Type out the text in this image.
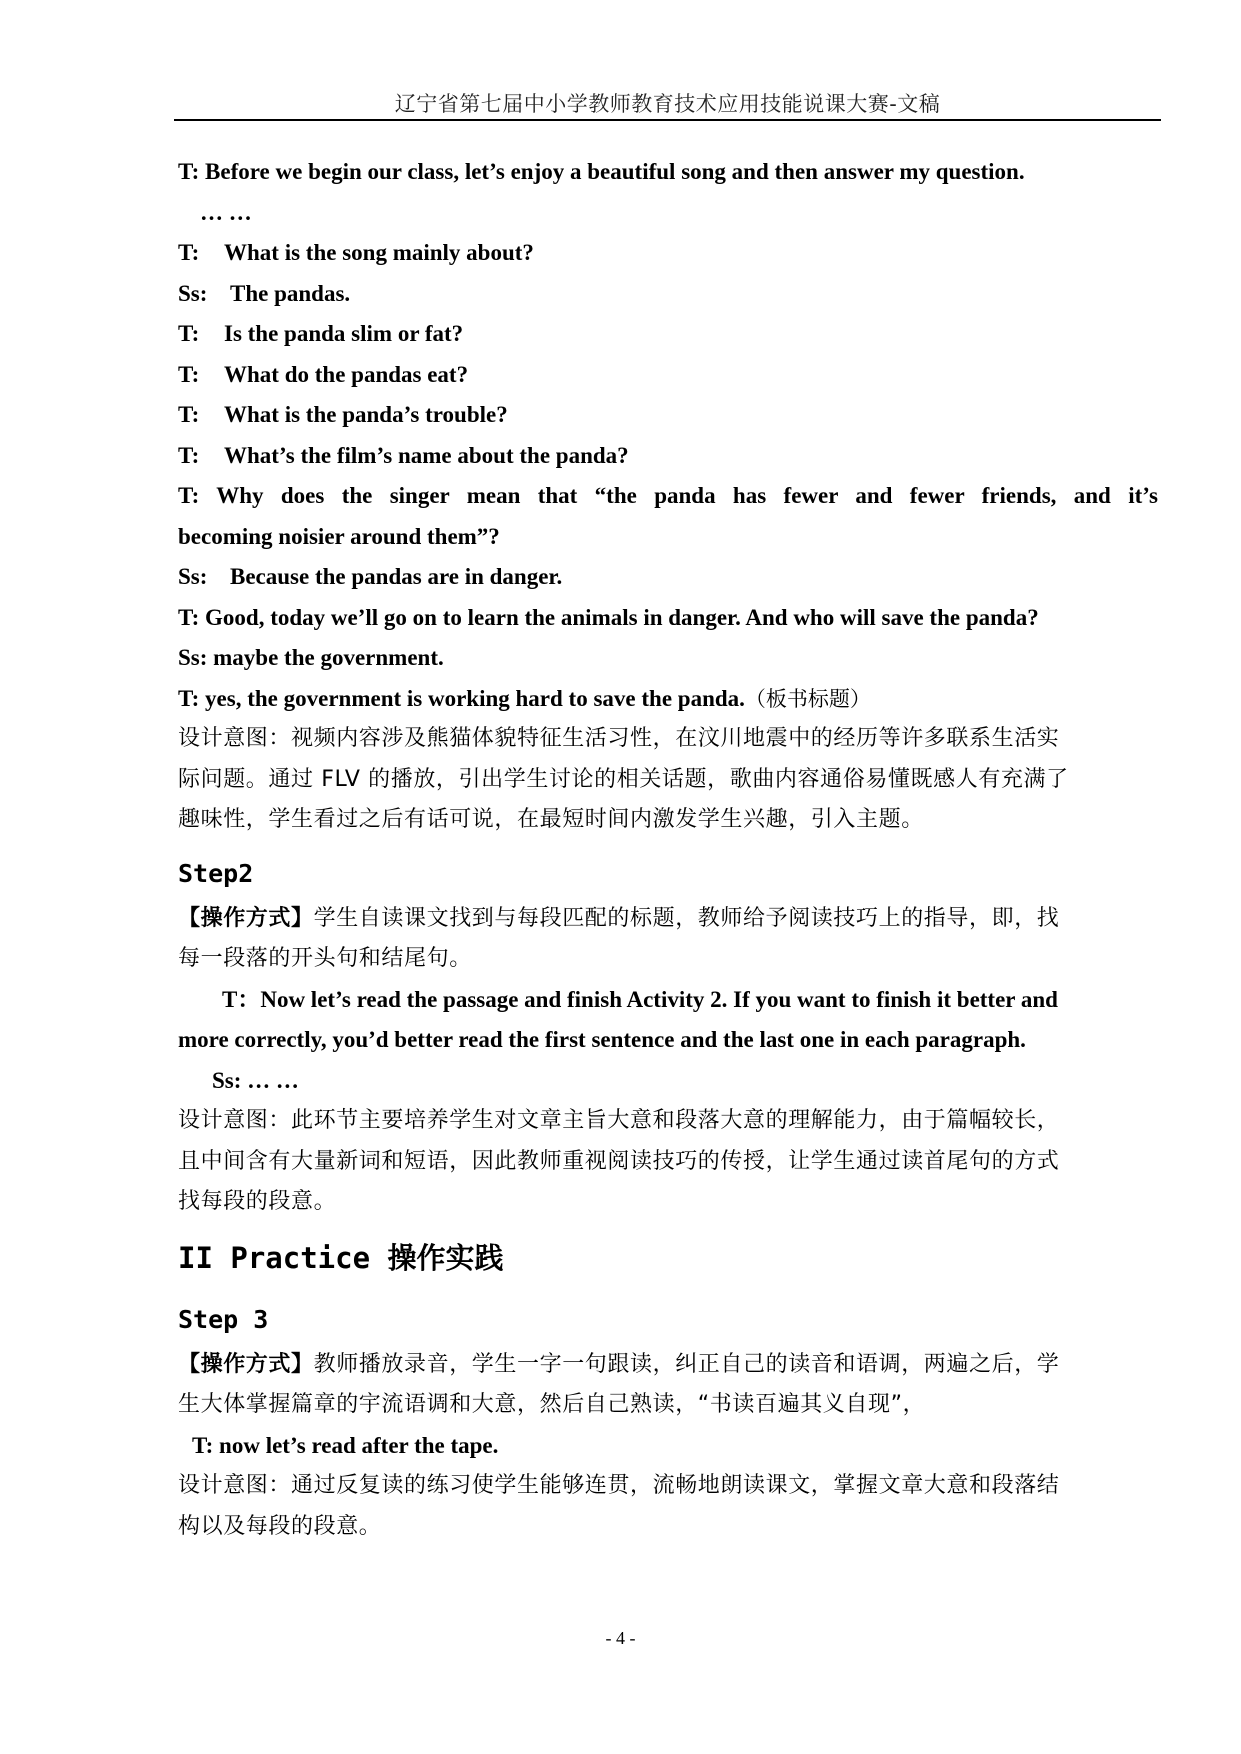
辽宁省第七届中小学教师教育技术应用技能说课大赛-文稿
T: Before we begin our class, let’s enjoy a beautiful song and then answer my question.
… …
T: What is the song mainly about?
Ss: The pandas.
T: Is the panda slim or fat?
T: What do the pandas eat?
T: What is the panda’s trouble?
T: What’s the film’s name about the panda?
T: Why does the singer mean that “the panda has fewer and fewer friends, and it’s
becoming noisier around them”?
Ss: Because the pandas are in danger.
T: Good, today we’ll go on to learn the animals in danger. And who will save the panda?
Ss: maybe the government.
T: yes, the government is working hard to save the panda.（板书标题）
设计意图：视频内容涉及熊猫体貌特征生活习性，在汶川地震中的经历等许多联系生活实
际问题。通过 FLV 的播放，引出学生讨论的相关话题，歌曲内容通俗易懂既感人有充满了
趣味性，学生看过之后有话可说，在最短时间内激发学生兴趣，引入主题。
Step2
【操作方式】学生自读课文找到与每段匹配的标题，教师给予阅读技巧上的指导，即，找
每一段落的开头句和结尾句。
T：Now let’s read the passage and finish Activity 2. If you want to finish it better and
more correctly, you’d better read the first sentence and the last one in each paragraph.
Ss: … …
设计意图：此环节主要培养学生对文章主旨大意和段落大意的理解能力，由于篇幅较长，
且中间含有大量新词和短语，因此教师重视阅读技巧的传授，让学生通过读首尾句的方式
找每段的段意。
II Practice 操作实践
Step 3
【操作方式】教师播放录音，学生一字一句跟读，纠正自己的读音和语调，两遍之后，学
生大体掌握篇章的宇流语调和大意，然后自己熟读，“书读百遍其义自现”，
T: now let’s read after the tape.
设计意图：通过反复读的练习使学生能够连贯，流畅地朗读课文，掌握文章大意和段落结
构以及每段的段意。
- 4 -
